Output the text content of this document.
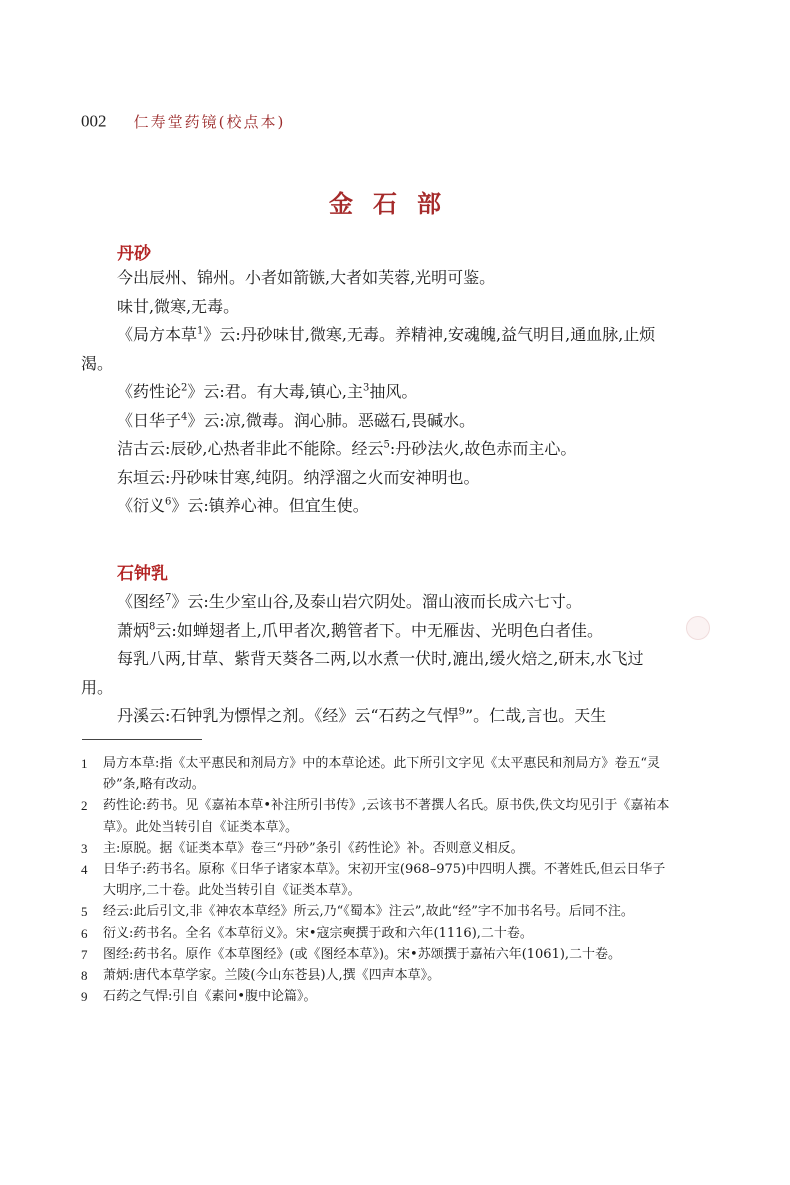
002 仁寿堂药镜(校点本)
金石部
丹砂

今出辰州、锦州。小者如箭镞,大者如芙蓉,光明可鉴。

味甘,微寒,无毒。

《局方本草$^1$》云:丹砂味甘,微寒,无毒。养精神,安魂魄,益气明目,通血脉,止烦渴。

《药性论$^2$》云:君。有大毒,镇心,主$^3$抽风。

《日华子$^4$》云:凉,微毒。润心肺。恶磁石,畏碱水。

洁古云:辰砂,心热者非此不能除。经云$^5$:丹砂法火,故色赤而主心。

东垣云:丹砂味甘寒,纯阴。纳浮溜之火而安神明也。

《衍义$^6$》云:镇养心神。但宜生使。

石钟乳

《图经$^7$》云:生少室山谷,及泰山岩穴阴处。溜山液而长成六七寸。

萧炳$^8$云:如蝉翅者上,爪甲者次,鹅管者下。中无雁齿、光明色白者佳。

每乳八两,甘草、紫背天葵各二两,以水煮一伏时,漉出,缓火焙之,研末,水飞过用。

丹溪云:石钟乳为慓悍之剂。《经》云“石药之气悍$^9$”。仁哉,言也。天生

1 局方本草:指《太平惠民和剂局方》中的本草论述。此下所引文字见《太平惠民和剂局方》卷五“灵砂”条,略有改动。
2 药性论:药书。见《嘉祐本草•补注所引书传》,云该书不著撰人名氏。原书佚,佚文均见引于《嘉祐本草》。此处当转引自《证类本草》。
3 主:原脱。据《证类本草》卷三“丹砂”条引《药性论》补。否则意义相反。
4 日华子:药书名。原称《日华子诸家本草》。宋初开宝(968–975)中四明人撰。不著姓氏,但云日华子大明序,二十卷。此处当转引自《证类本草》。
5 经云:此后引文,非《神农本草经》所云,乃“《蜀本》注云”,故此“经”字不加书名号。后同不注。
6 衍义:药书名。全名《本草衍义》。宋•寇宗奭撰于政和六年(1116),二十卷。
7 图经:药书名。原作《本草图经》(或《图经本草》)。宋•苏颂撰于嘉祐六年(1061),二十卷。
8 萧炳:唐代本草学家。兰陵(今山东苍县)人,撰《四声本草》。
9 石药之气悍:引自《素问•腹中论篇》。
